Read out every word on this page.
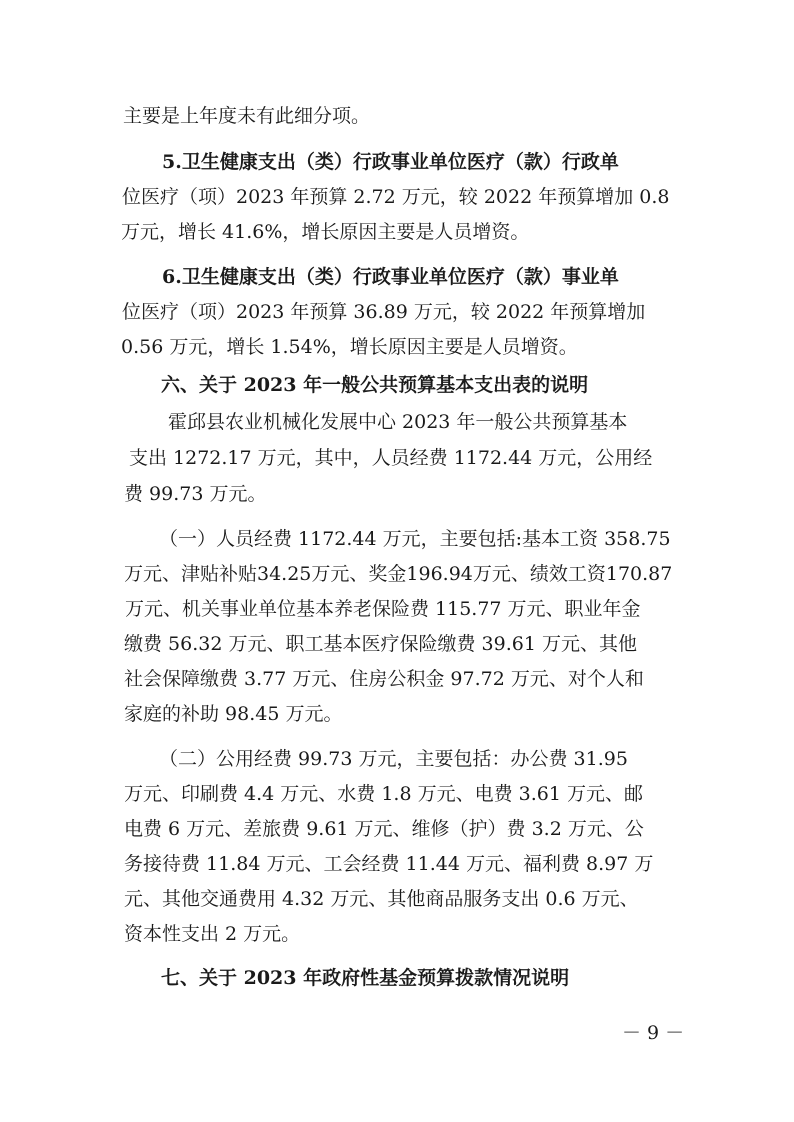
主要是上年度未有此细分项。
5.卫生健康支出（类）行政事业单位医疗（款）行政单
位医疗（项）2023 年预算 2.72 万元，较 2022 年预算增加 0.8
万元，增长 41.6%，增长原因主要是人员增资。
6.卫生健康支出（类）行政事业单位医疗（款）事业单
位医疗（项）2023 年预算 36.89 万元，较 2022 年预算增加
0.56 万元，增长 1.54%，增长原因主要是人员增资。
六、关于 2023 年一般公共预算基本支出表的说明
霍邱县农业机械化发展中心 2023 年一般公共预算基本
支出 1272.17 万元，其中，人员经费 1172.44 万元，公用经
费 99.73 万元。
（一）人员经费 1172.44 万元，主要包括:基本工资 358.75
万元、津贴补贴34.25万元、奖金196.94万元、绩效工资170.87
万元、机关事业单位基本养老保险费 115.77 万元、职业年金
缴费 56.32 万元、职工基本医疗保险缴费 39.61 万元、其他
社会保障缴费 3.77 万元、住房公积金 97.72 万元、对个人和
家庭的补助 98.45 万元。
（二）公用经费 99.73 万元，主要包括：办公费 31.95
万元、印刷费 4.4 万元、水费 1.8 万元、电费 3.61 万元、邮
电费 6 万元、差旅费 9.61 万元、维修（护）费 3.2 万元、公
务接待费 11.84 万元、工会经费 11.44 万元、福利费 8.97 万
元、其他交通费用 4.32 万元、其他商品服务支出 0.6 万元、
资本性支出 2 万元。
七、关于 2023 年政府性基金预算拨款情况说明
－ 9 －
